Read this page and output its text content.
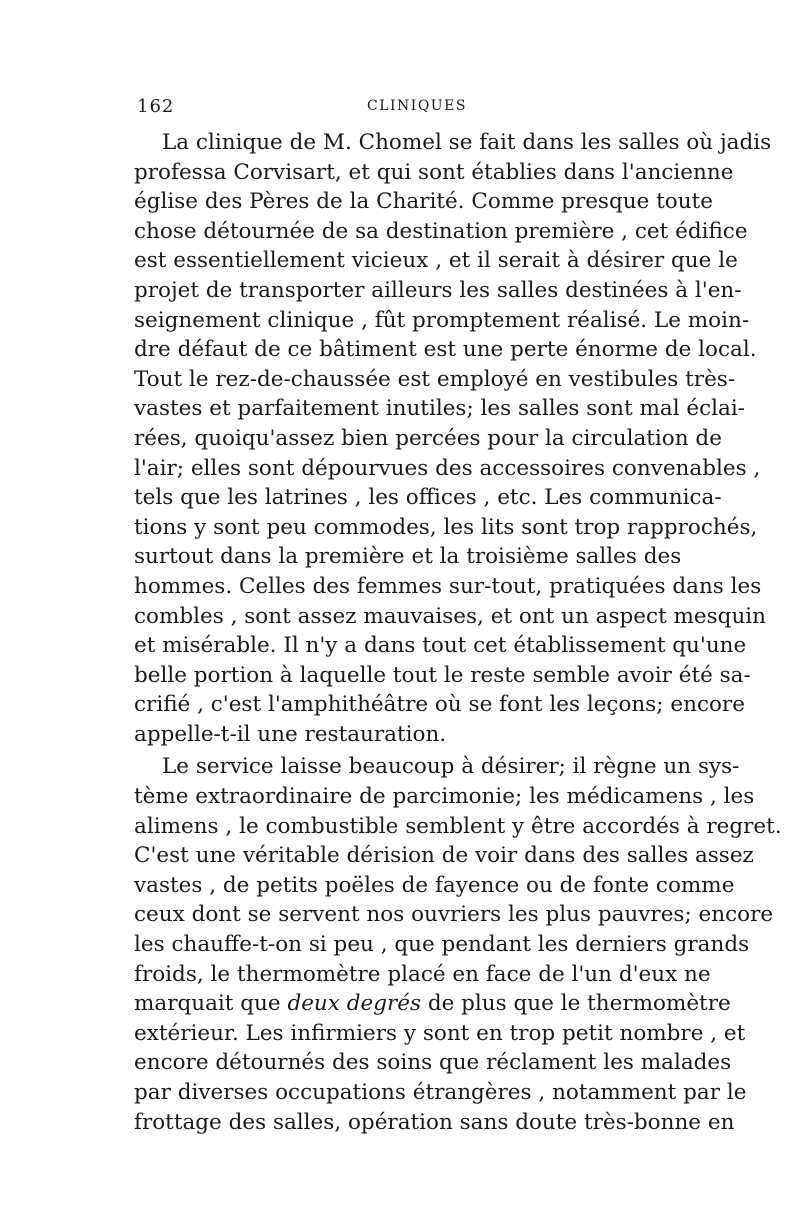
162	CLINIQUES
La clinique de M. Chomel se fait dans les salles où jadis
professa Corvisart, et qui sont établies dans l'ancienne
église des Pères de la Charité. Comme presque toute
chose détournée de sa destination première , cet édifice
est essentiellement vicieux , et il serait à désirer que le
projet de transporter ailleurs les salles destinées à l'en-
seignement clinique , fût promptement réalisé. Le moin-
dre défaut de ce bâtiment est une perte énorme de local.
Tout le rez-de-chaussée est employé en vestibules très-
vastes et parfaitement inutiles; les salles sont mal éclai-
rées, quoiqu'assez bien percées pour la circulation de
l'air; elles sont dépourvues des accessoires convenables ,
tels que les latrines , les offices , etc. Les communica-
tions y sont peu commodes, les lits sont trop rapprochés,
surtout dans la première et la troisième salles des
hommes. Celles des femmes sur-tout, pratiquées dans les
combles , sont assez mauvaises, et ont un aspect mesquin
et misérable. Il n'y a dans tout cet établissement qu'une
belle portion à laquelle tout le reste semble avoir été sa-
crifié , c'est l'amphithéâtre où se font les leçons; encore
appelle-t-il une restauration.
Le service laisse beaucoup à désirer; il règne un sys-
tème extraordinaire de parcimonie; les médicamens , les
alimens , le combustible semblent y être accordés à regret.
C'est une véritable dérision de voir dans des salles assez
vastes , de petits poëles de fayence ou de fonte comme
ceux dont se servent nos ouvriers les plus pauvres; encore
les chauffe-t-on si peu , que pendant les derniers grands
froids, le thermomètre placé en face de l'un d'eux ne
marquait que deux degrés de plus que le thermomètre
extérieur. Les infirmiers y sont en trop petit nombre , et
encore détournés des soins que réclament les malades
par diverses occupations étrangères , notamment par le
frottage des salles, opération sans doute très-bonne en
